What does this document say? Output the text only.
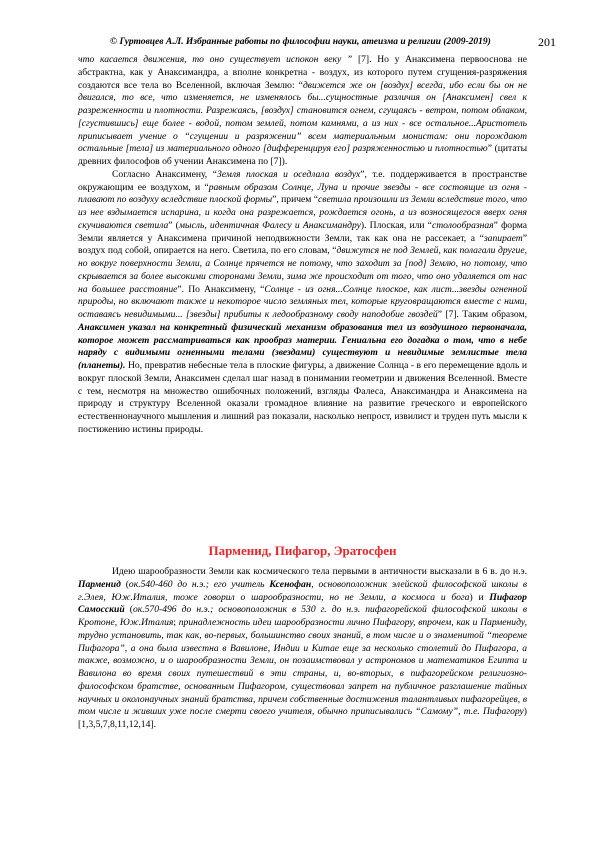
© Гуртовцев А.Л. Избранные работы по философии науки, атеизма и религии (2009-2019)	201

что касается движения, то оно существует испокон веку ” [7]. Но у Анаксимена первооснова не абстрактна, как у Анаксимандра, а вполне конкретна - воздух, из которого путем сгущения-разряжения создаются все тела во Вселенной, включая Землю: “движется же он [воздух] всегда, ибо если бы он не двигался, то все, что изменяется, не изменялось бы...сущностные различия он [Анаксимен] свел к разреженности и плотности. Разрежаясь, [воздух] становится огнем, сгущаясь - ветром, потом облаком, [сгустившись] еще более - водой, потом землей, потом камнями, а из них - все остальное...Аристотель приписывает учение о “сгущении и разряжении” всем материальным монистам: они порождают остальные [тела] из материального одного [дифференцируя его] разряженностью и плотностью” (цитаты древних философов об учении Анаксимена по [7]).

Согласно Анаксимену, “Земля плоская и оседлала воздух”, т.е. поддерживается в пространстве окружающим ее воздухом, и “равным образом Солнце, Луна и прочие звезды - все состоящие из огня - плавают по воздуху вследствие плоской формы”, причем “светила произошли из Земли вследствие того, что из нее вздымается испарина, и когда она разрежается, рождается огонь, а из возносящегося вверх огня скучиваются светила” (мысль, идентичная Фалесу и Анаксимандру). Плоская, или “столообразная” форма Земли является у Анаксимена причиной неподвижности Земли, так как она не рассекает, а “запирает” воздух под собой, опирается на него. Светила, по его словам, “движутся не под Землей, как полагали другие, но вокруг поверхности Земли, а Солнце прячется не потому, что заходит за [под] Землю, но потому, что скрывается за более высокими сторонами Земли, зима же происходит от того, что оно удаляется от нас на большее расстояние”. По Анаксимену, “Солнце - из огня...Солнце плоское, как лист...звезды огненной природы, но включают также и некоторое число земляных тел, которые круговращаются вместе с ними, оставаясь невидимыми... [звезды] прибиты к ледообразному своду наподобие гвоздей” [7]. Таким образом, Анаксимен указал на конкретный физический механизм образования тел из воздушного первоначала, которое может рассматриваться как прообраз материи. Гениальна его догадка о том, что в небе наряду с видимыми огненными телами (звездами) существуют и невидимые землистые тела (планеты). Но, превратив небесные тела в плоские фигуры, а движение Солнца - в его перемещение вдоль и вокруг плоской Земли, Анаксимен сделал шаг назад в понимании геометрии и движения Вселенной. Вместе с тем, несмотря на множество ошибочных положений, взгляды Фалеса, Анаксимандра и Анаксимена на природу и структуру Вселенной оказали громадное влияние на развитие греческого и европейского естественнонаучного мышления и лишний раз показали, насколько непрост, извилист и труден путь мысли к постижению истины природы.

Парменид, Пифагор, Эратосфен

Идею шарообразности Земли как космического тела первыми в античности высказали в 6 в. до н.э. Парменид (ок.540-460 до н.э.; его учитель Ксенофан, основоположник элейской философской школы в г.Элея, Юж.Италия, тоже говорил о шарообразности, но не Земли, а космоса и бога) и Пифагор Самосский (ок.570-496 до н.э.; основоположник в 530 г. до н.э. пифагорейской философской школы в Кротоне, Юж.Италия; принадлежность идеи шарообразности лично Пифагору, впрочем, как и Пармениду, трудно установить, так как, во-первых, большинство своих знаний, в том числе и о знаменитой “теореме Пифагора”, а она была известна в Вавилоне, Индии и Китае еще за несколько столетий до Пифагора, а также, возможно, и о шарообразности Земли, он позаимствовал у астрономов и математиков Египта и Вавилона во время своих путешествий в эти страны, и, во-вторых, в пифагорейском религиозно-философском братстве, основанным Пифагором, существовал запрет на публичное разглашение тайных научных и околонаучных знаний братства, причем собственные достижения талантливых пифагорейцев, в том числе и живших уже после смерти своего учителя, обычно приписывались “Самому”, т.е. Пифагору) [1,3,5,7,8,11,12,14].
